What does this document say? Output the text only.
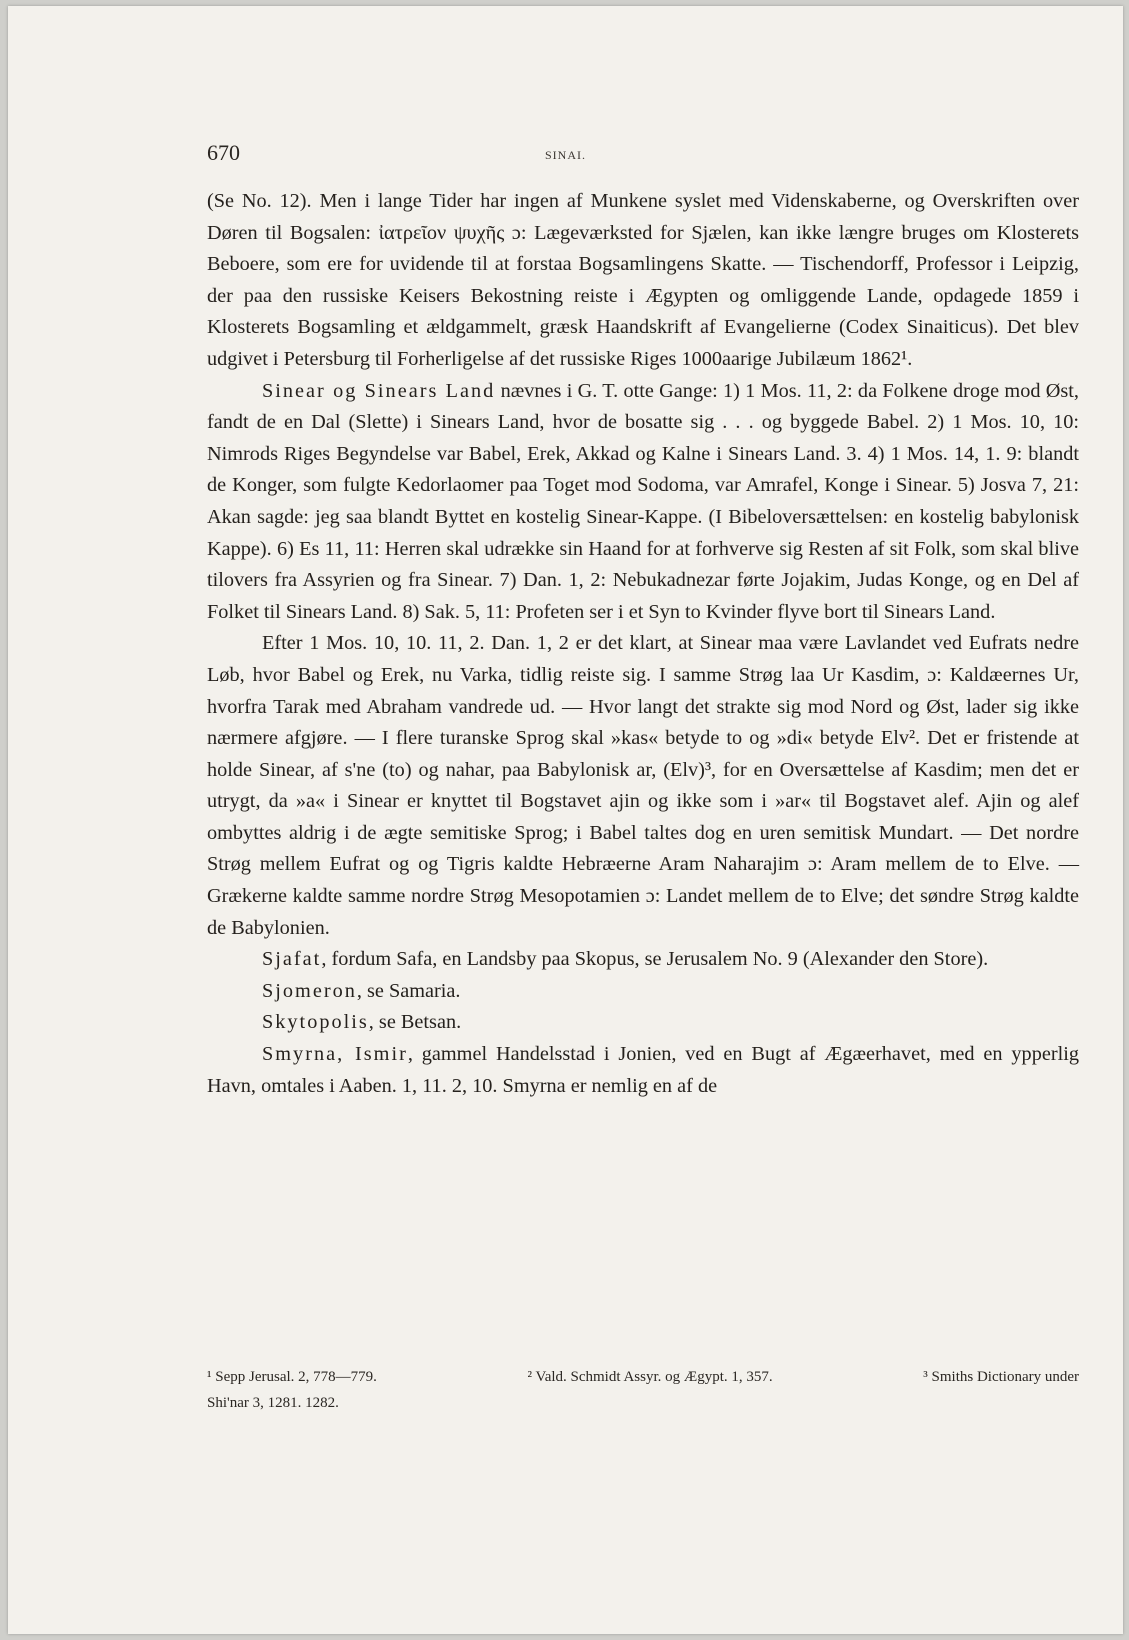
670	SINAI.

(Se No. 12). Men i lange Tider har ingen af Munkene syslet med Videnskaberne, og Overskriften over Døren til Bogsalen: ἰατρεῖον ψυχῆς ɔ: Lægeværksted for Sjælen, kan ikke længre bruges om Klosterets Beboere, som ere for uvidende til at forstaa Bogsamlingens Skatte. — Tischendorff, Professor i Leipzig, der paa den russiske Keisers Bekostning reiste i Ægypten og omliggende Lande, opdagede 1859 i Klosterets Bogsamling et ældgammelt, græsk Haandskrift af Evangelierne (Codex Sinaiticus). Det blev udgivet i Petersburg til Forherligelse af det russiske Riges 1000aarige Jubilæum 1862¹.

Sinear og Sinears Land nævnes i G. T. otte Gange: 1) 1 Mos. 11, 2: da Folkene droge mod Øst, fandt de en Dal (Slette) i Sinears Land, hvor de bosatte sig . . . og byggede Babel. 2) 1 Mos. 10, 10: Nimrods Riges Begyndelse var Babel, Erek, Akkad og Kalne i Sinears Land. 3. 4) 1 Mos. 14, 1. 9: blandt de Konger, som fulgte Kedorlaomer paa Toget mod Sodoma, var Amrafel, Konge i Sinear. 5) Josva 7, 21: Akan sagde: jeg saa blandt Byttet en kostelig Sinear-Kappe. (I Bibeloversættelsen: en kostelig babylonisk Kappe). 6) Es 11, 11: Herren skal udrække sin Haand for at forhverve sig Resten af sit Folk, som skal blive tilovers fra Assyrien og fra Sinear. 7) Dan. 1, 2: Nebukadnezar førte Jojakim, Judas Konge, og en Del af Folket til Sinears Land. 8) Sak. 5, 11: Profeten ser i et Syn to Kvinder flyve bort til Sinears Land.

Efter 1 Mos. 10, 10. 11, 2. Dan. 1, 2 er det klart, at Sinear maa være Lavlandet ved Eufrats nedre Løb, hvor Babel og Erek, nu Varka, tidlig reiste sig. I samme Strøg laa Ur Kasdim, ɔ: Kaldæernes Ur, hvorfra Tarak med Abraham vandrede ud. — Hvor langt det strakte sig mod Nord og Øst, lader sig ikke nærmere afgjøre. — I flere turanske Sprog skal »kas« betyde to og »di« betyde Elv². Det er fristende at holde Sinear, af s'ne (to) og nahar, paa Babylonisk ar, (Elv)³, for en Oversættelse af Kasdim; men det er utrygt, da »a« i Sinear er knyttet til Bogstavet ajin og ikke som i »ar« til Bogstavet alef. Ajin og alef ombyttes aldrig i de ægte semitiske Sprog; i Babel taltes dog en uren semitisk Mundart. — Det nordre Strøg mellem Eufrat og og Tigris kaldte Hebræerne Aram Naharajim ɔ: Aram mellem de to Elve. — Grækerne kaldte samme nordre Strøg Mesopotamien ɔ: Landet mellem de to Elve; det søndre Strøg kaldte de Babylonien.

Sjafat, fordum Safa, en Landsby paa Skopus, se Jerusalem No. 9 (Alexander den Store).

Sjomeron, se Samaria.

Skytopolis, se Betsan.

Smyrna, Ismir, gammel Handelsstad i Jonien, ved en Bugt af Ægæerhavet, med en ypperlig Havn, omtales i Aaben. 1, 11. 2, 10. Smyrna er nemlig en af de

¹ Sepp Jerusal. 2, 778—779.	² Vald. Schmidt Assyr. og Ægypt. 1, 357.	³ Smiths Dictionary under
Shi'nar 3, 1281. 1282.
